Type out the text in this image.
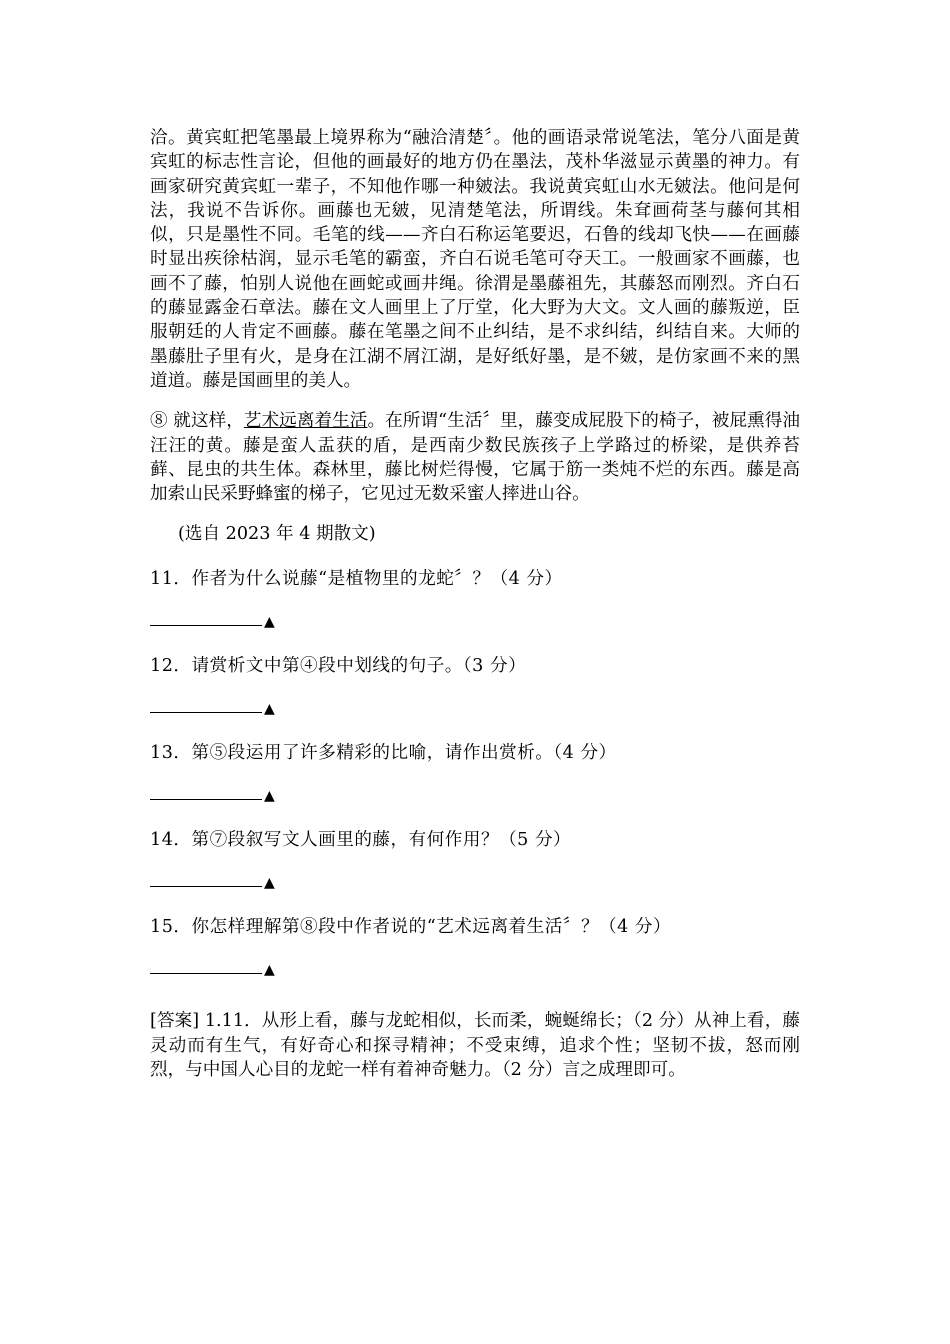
洽。黄宾虹把笔墨最上境界称为“融洽清楚〞。他的画语录常说笔法，笔分八面是黄宾虹的标志性言论，但他的画最好的地方仍在墨法，茂朴华滋显示黄墨的神力。有画家研究黄宾虹一辈子，不知他作哪一种皴法。我说黄宾虹山水无皴法。他问是何法，我说不告诉你。画藤也无皴，见清楚笔法，所谓线。朱耷画荷茎与藤何其相似，只是墨性不同。毛笔的线——齐白石称运笔要迟，石鲁的线却飞快——在画藤时显出疾徐枯润，显示毛笔的霸蛮，齐白石说毛笔可夺天工。一般画家不画藤，也画不了藤，怕别人说他在画蛇或画井绳。徐渭是墨藤祖先，其藤怒而刚烈。齐白石的藤显露金石章法。藤在文人画里上了厅堂，化大野为大文。文人画的藤叛逆，臣服朝廷的人肯定不画藤。藤在笔墨之间不止纠结，是不求纠结，纠结自来。大师的墨藤肚子里有火，是身在江湖不屑江湖，是好纸好墨，是不皴，是仿家画不来的黑道道。藤是国画里的美人。

⑧ 就这样，艺术远离着生活。在所谓“生活〞里，藤变成屁股下的椅子，被屁熏得油汪汪的黄。藤是蛮人盂获的盾，是西南少数民族孩子上学路过的桥梁，是供养苔藓、昆虫的共生体。森林里，藤比树烂得慢，它属于筋一类炖不烂的东西。藤是高加索山民采野蜂蜜的梯子，它见过无数采蜜人摔进山谷。

(选自 2023 年 4 期散文)

11．作者为什么说藤“是植物里的龙蛇〞？（4 分）

▲

12．请赏析文中第④段中划线的句子。（3 分）

▲

13．第⑤段运用了许多精彩的比喻，请作出赏析。（4 分）

▲

14．第⑦段叙写文人画里的藤，有何作用？（5 分）

▲

15．你怎样理解第⑧段中作者说的“艺术远离着生活〞？（4 分）

▲

[答案] 1.11．从形上看，藤与龙蛇相似，长而柔，蜿蜒绵长；（2 分）从神上看，藤灵动而有生气，有好奇心和探寻精神；不受束缚，追求个性；坚韧不拔，怒而刚烈，与中国人心目的龙蛇一样有着神奇魅力。（2 分）言之成理即可。
